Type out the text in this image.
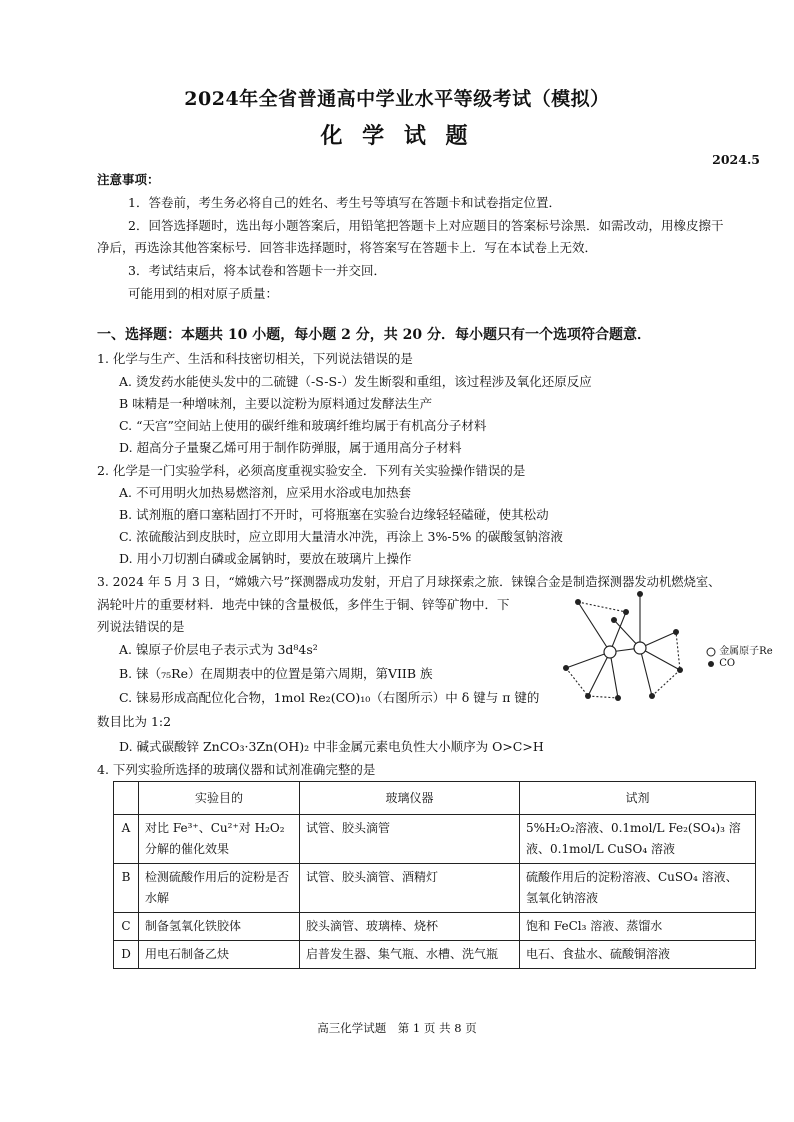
2024年全省普通高中学业水平等级考试（模拟）
化 学 试 题
2024.5
注意事项：
1．答卷前，考生务必将自己的姓名、考生号等填写在答题卡和试卷指定位置．
2．回答选择题时，选出每小题答案后，用铅笔把答题卡上对应题目的答案标号涂黑．如需改动，用橡皮擦干
净后，再选涂其他答案标号．回答非选择题时，将答案写在答题卡上．写在本试卷上无效．
3．考试结束后，将本试卷和答题卡一并交回．
可能用到的相对原子质量：
一、选择题：本题共 10 小题，每小题 2 分，共 20 分．每小题只有一个选项符合题意．
1. 化学与生产、生活和科技密切相关，下列说法错误的是
A. 烫发药水能使头发中的二硫键（-S-S-）发生断裂和重组，该过程涉及氧化还原反应
B 味精是一种增味剂，主要以淀粉为原料通过发酵法生产
C. “天宫”空间站上使用的碳纤维和玻璃纤维均属于有机高分子材料
D. 超高分子量聚乙烯可用于制作防弹服，属于通用高分子材料
2. 化学是一门实验学科，必须高度重视实验安全．下列有关实验操作错误的是
A. 不可用明火加热易燃溶剂，应采用水浴或电加热套
B. 试剂瓶的磨口塞粘固打不开时，可将瓶塞在实验台边缘轻轻磕碰，使其松动
C. 浓硫酸沾到皮肤时，应立即用大量清水冲洗，再涂上 3%-5% 的碳酸氢钠溶液
D. 用小刀切割白磷或金属钠时，要放在玻璃片上操作
3. 2024 年 5 月 3 日，“嫦娥六号”探测器成功发射，开启了月球探索之旅．铼镍合金是制造探测器发动机燃烧室、
涡轮叶片的重要材料．地壳中铼的含量极低，多伴生于铜、锌等矿物中．下
列说法错误的是
A. 镍原子价层电子表示式为 3d⁸4s²
B. 铼（₇₅Re）在周期表中的位置是第六周期，第VIIB 族
C. 铼易形成高配位化合物，1mol Re₂(CO)₁₀（右图所示）中 δ 键与 π 键的
数目比为 1:2
D. 碱式碳酸锌 ZnCO₃·3Zn(OH)₂ 中非金属元素电负性大小顺序为 O>C>H
金属原子Re
CO
4. 下列实验所选择的玻璃仪器和试剂准确完整的是
	实验目的	玻璃仪器	试剂
A	对比 Fe³⁺、Cu²⁺对 H₂O₂ 分解的催化效果	试管、胶头滴管	5%H₂O₂溶液、0.1mol/L Fe₂(SO₄)₃ 溶液、0.1mol/L CuSO₄ 溶液
B	检测硫酸作用后的淀粉是否水解	试管、胶头滴管、酒精灯	硫酸作用后的淀粉溶液、CuSO₄ 溶液、氢氧化钠溶液
C	制备氢氧化铁胶体	胶头滴管、玻璃棒、烧杯	饱和 FeCl₃ 溶液、蒸馏水
D	用电石制备乙炔	启普发生器、集气瓶、水槽、洗气瓶	电石、食盐水、硫酸铜溶液
高三化学试题　第 1 页 共 8 页
